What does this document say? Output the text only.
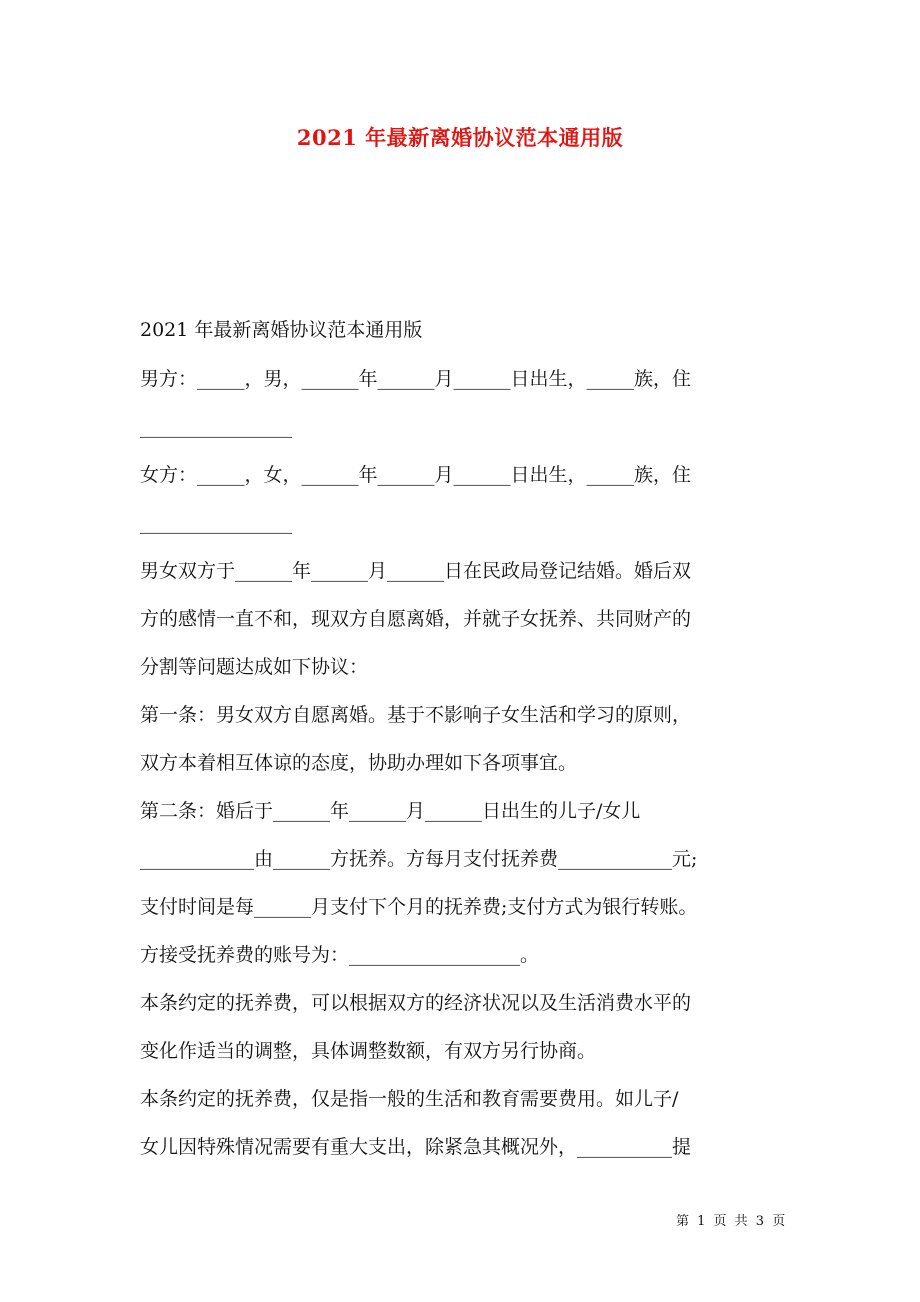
2021 年最新离婚协议范本通用版
2021 年最新离婚协议范本通用版
男方：_____，男，______年______月______日出生，_____族，住
________________
女方：_____，女，______年______月______日出生，_____族，住
________________
男女双方于______年______月______日在民政局登记结婚。婚后双
方的感情一直不和，现双方自愿离婚，并就子女抚养、共同财产的
分割等问题达成如下协议：
第一条：男女双方自愿离婚。基于不影响子女生活和学习的原则，
双方本着相互体谅的态度，协助办理如下各项事宜。
第二条：婚后于______年______月______日出生的儿子/女儿
____________由______方抚养。方每月支付抚养费____________元;
支付时间是每______月支付下个月的抚养费;支付方式为银行转账。
方接受抚养费的账号为：__________________。
本条约定的抚养费，可以根据双方的经济状况以及生活消费水平的
变化作适当的调整，具体调整数额，有双方另行协商。
本条约定的抚养费，仅是指一般的生活和教育需要费用。如儿子/
女儿因特殊情况需要有重大支出，除紧急其概况外，__________提
第 1 页 共 3 页
